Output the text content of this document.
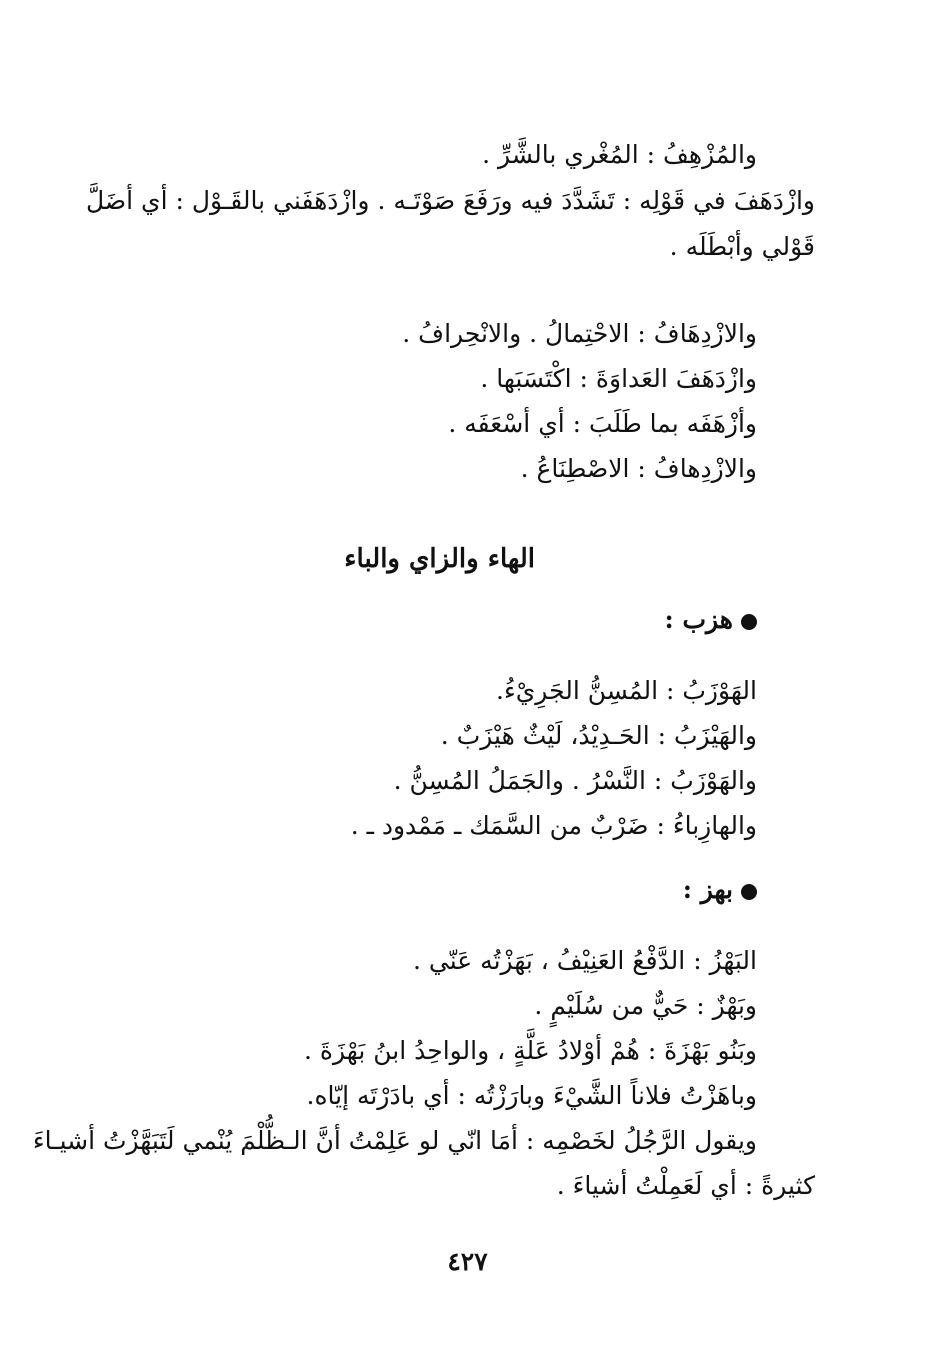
والمُزْهِفُ : المُغْري بالشَّرِّ .
وازْدَهَفَ في قَوْلِه : تَشَدَّدَ فيه ورَفَعَ صَوْتَـه . وازْدَهَفَني بالقَـوْل : أي أضَلَّ
قَوْلي وأبْطَلَه .
والازْدِهَافُ : الاحْتِمالُ . والانْحِرافُ .
وازْدَهَفَ العَداوَةَ : اكْتَسَبَها .
وأزْهَفَه بما طَلَبَ : أي أسْعَفَه .
والازْدِهافُ : الاصْطِنَاعُ .
الهاء والزاي والباء
هزب :
الهَوْزَبُ : المُسِنُّ الجَرِيْءُ.
والهَيْزَبُ : الحَـدِيْدُ، لَيْثٌ هَيْزَبٌ .
والهَوْزَبُ : النَّسْرُ . والجَمَلُ المُسِنُّ .
والهازِباءُ : ضَرْبٌ من السَّمَك ـ مَمْدود ـ .
بهز :
البَهْزُ : الدَّفْعُ العَنِيْفُ ، بَهَزْتُه عَنّي .
وبَهْزٌ : حَيٌّ من سُلَيْمٍ .
وبَنُو بَهْزَةَ : هُمْ أوْلادُ عَلَّةٍ ، والواحِدُ ابنُ بَهْزَةَ .
وباهَزْتُ فلاناً الشَّيْءَ وبارَزْتُه : أي بادَرْتَه إيّاه.
ويقول الرَّجُلُ لخَصْمِه : أمَا انّي لو عَلِمْتُ أنَّ الـظُّلْمَ يُنْمي لَتَبَهَّزْتُ أشيـاءَ
كثيرةً : أي لَعَمِلْتُ أشياءَ .
٤٢٧
